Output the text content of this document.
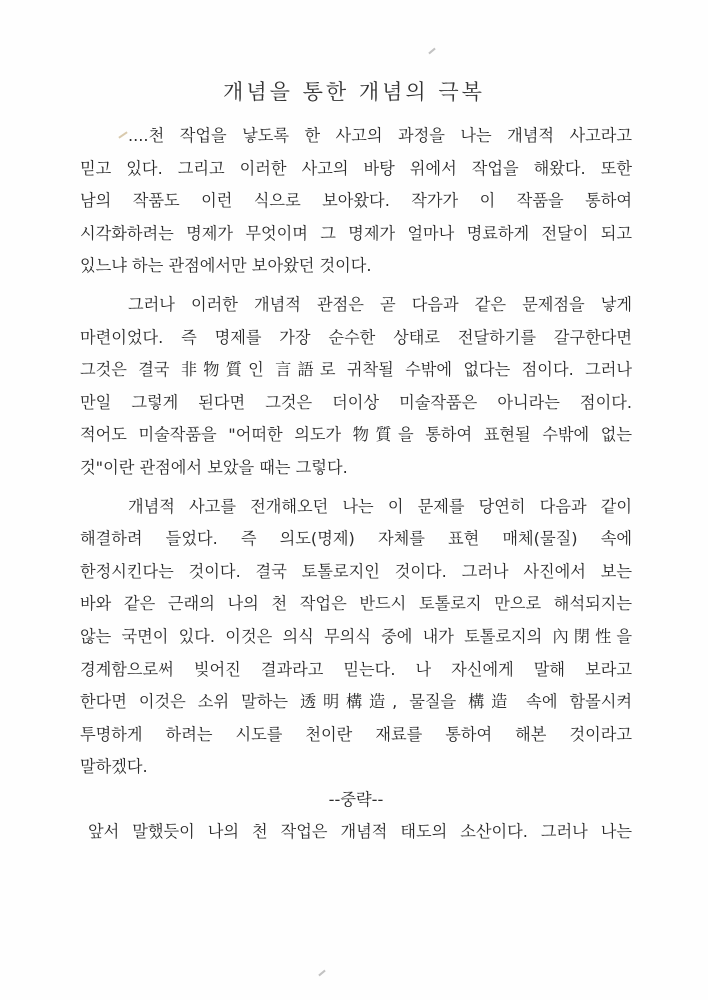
개념을 통한 개념의 극복
....천 작업을 낳도록 한 사고의 과정을 나는 개념적 사고라고
믿고 있다. 그리고 이러한 사고의 바탕 위에서 작업을 해왔다. 또한
남의 작품도 이런 식으로 보아왔다. 작가가 이 작품을 통하여
시각화하려는 명제가 무엇이며 그 명제가 얼마나 명료하게 전달이 되고
있느냐 하는 관점에서만 보아왔던 것이다.
그러나 이러한 개념적 관점은 곧 다음과 같은 문제점을 낳게
마련이었다. 즉 명제를 가장 순수한 상태로 전달하기를 갈구한다면
그것은 결국 非物質인 言語로 귀착될 수밖에 없다는 점이다. 그러나
만일 그렇게 된다면 그것은 더이상 미술작품은 아니라는 점이다.
적어도 미술작품을 "어떠한 의도가 物質을 통하여 표현될 수밖에 없는
것"이란 관점에서 보았을 때는 그렇다.
개념적 사고를 전개해오던 나는 이 문제를 당연히 다음과 같이
해결하려 들었다. 즉 의도(명제) 자체를 표현 매체(물질) 속에
한정시킨다는 것이다. 결국 토톨로지인 것이다. 그러나 사진에서 보는
바와 같은 근래의 나의 천 작업은 반드시 토톨로지 만으로 해석되지는
않는 국면이 있다. 이것은 의식 무의식 중에 내가 토톨로지의 內閉性을
경계함으로써 빚어진 결과라고 믿는다. 나 자신에게 말해 보라고
한다면 이것은 소위 말하는 透明構造, 물질을 構造 속에 함몰시켜
투명하게 하려는 시도를 천이란 재료를 통하여 해본 것이라고
말하겠다.
--중략--
앞서 말했듯이 나의 천 작업은 개념적 태도의 소산이다. 그러나 나는
